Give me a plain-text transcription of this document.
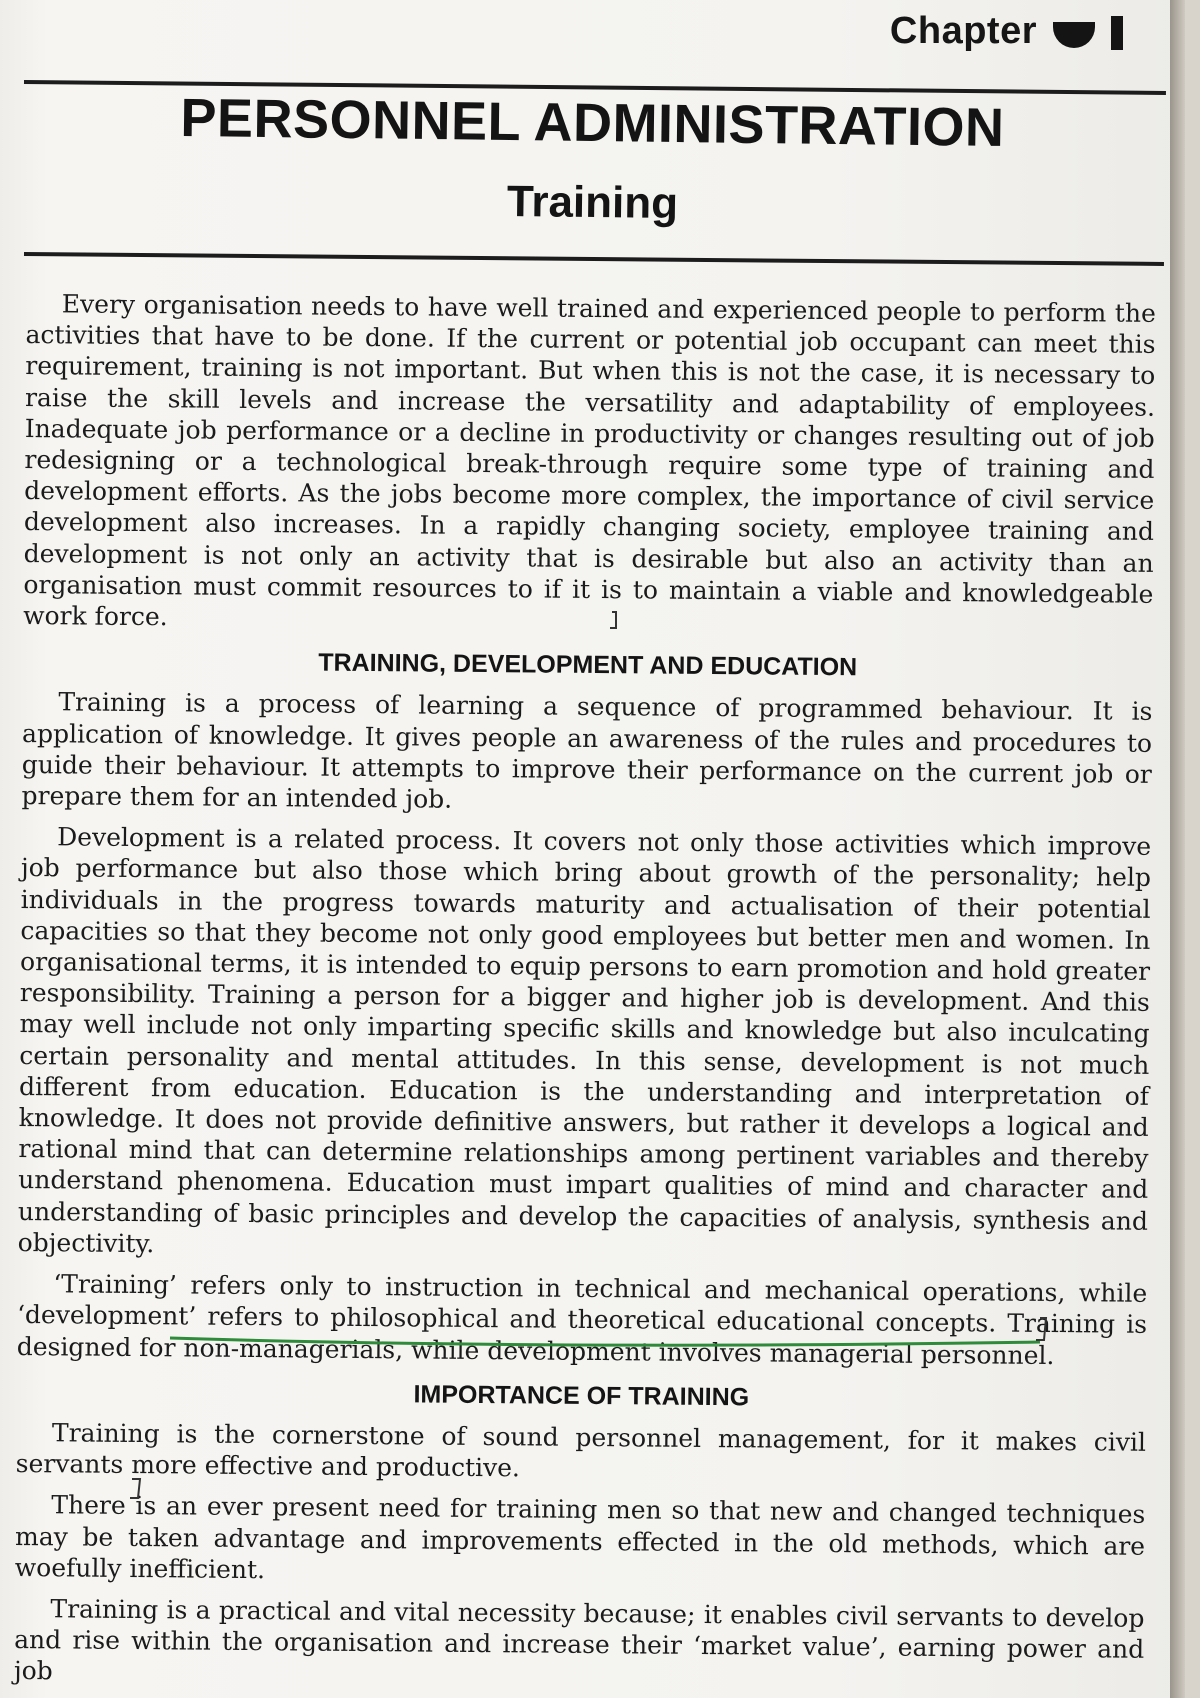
Chapter
PERSONNEL ADMINISTRATION
Training

Every organisation needs to have well trained and experienced people to perform the activities that have to be done. If the current or potential job occupant can meet this requirement, training is not important. But when this is not the case, it is necessary to raise the skill levels and increase the versatility and adaptability of employees. Inadequate job performance or a decline in productivity or changes resulting out of job redesigning or a technological break-through require some type of training and development efforts. As the jobs become more complex, the importance of civil service development also increases. In a rapidly changing society, employee training and development is not only an activity that is desirable but also an activity than an organisation must commit resources to if it is to maintain a viable and knowledgeable work force.

TRAINING, DEVELOPMENT AND EDUCATION

Training is a process of learning a sequence of programmed behaviour. It is application of knowledge. It gives people an awareness of the rules and procedures to guide their behaviour. It attempts to improve their performance on the current job or prepare them for an intended job.

Development is a related process. It covers not only those activities which improve job performance but also those which bring about growth of the personality; help individuals in the progress towards maturity and actualisation of their potential capacities so that they become not only good employees but better men and women. In organisational terms, it is intended to equip persons to earn promotion and hold greater responsibility. Training a person for a bigger and higher job is development. And this may well include not only imparting specific skills and knowledge but also inculcating certain personality and mental attitudes. In this sense, development is not much different from education. Education is the understanding and interpretation of knowledge. It does not provide definitive answers, but rather it develops a logical and rational mind that can determine relationships among pertinent variables and thereby understand phenomena. Education must impart qualities of mind and character and understanding of basic principles and develop the capacities of analysis, synthesis and objectivity.

‘Training’ refers only to instruction in technical and mechanical operations, while ‘development’ refers to philosophical and theoretical educational concepts. Training is designed for non-managerials, while development involves managerial personnel.

IMPORTANCE OF TRAINING

Training is the cornerstone of sound personnel management, for it makes civil servants more effective and productive.

There is an ever present need for training men so that new and changed techniques may be taken advantage and improvements effected in the old methods, which are woefully inefficient.

Training is a practical and vital necessity because; it enables civil servants to develop and rise within the organisation and increase their ‘market value’, earning power and job
